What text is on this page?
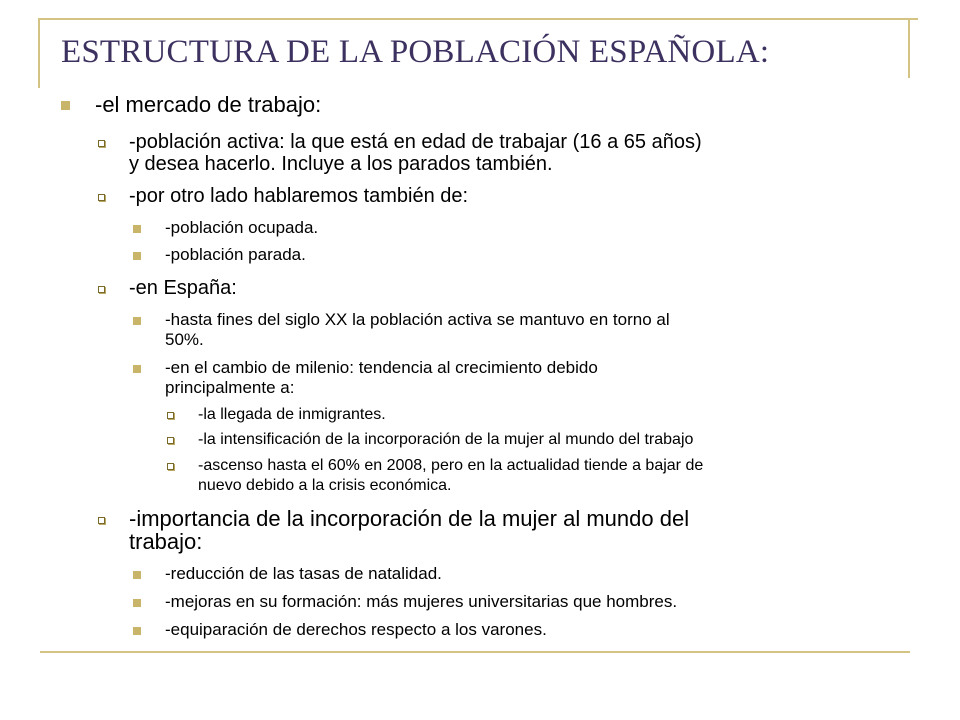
ESTRUCTURA DE LA POBLACIÓN ESPAÑOLA:
-el mercado de trabajo:
-población activa: la que está en edad de trabajar (16 a 65 años)
y desea hacerlo. Incluye a los parados también.
-por otro lado hablaremos también de:
-población ocupada.
-población parada.
-en España:
-hasta fines del siglo XX la población activa se mantuvo en torno al
50%.
-en el cambio de milenio: tendencia al crecimiento debido
principalmente a:
-la llegada de inmigrantes.
-la intensificación de la incorporación de la mujer al mundo del trabajo
-ascenso hasta el 60% en 2008, pero en la actualidad tiende a bajar de
nuevo debido a la crisis económica.
-importancia de la incorporación de la mujer al mundo del
trabajo:
-reducción de las tasas de natalidad.
-mejoras en su formación: más mujeres universitarias que hombres.
-equiparación de derechos respecto a los varones.
